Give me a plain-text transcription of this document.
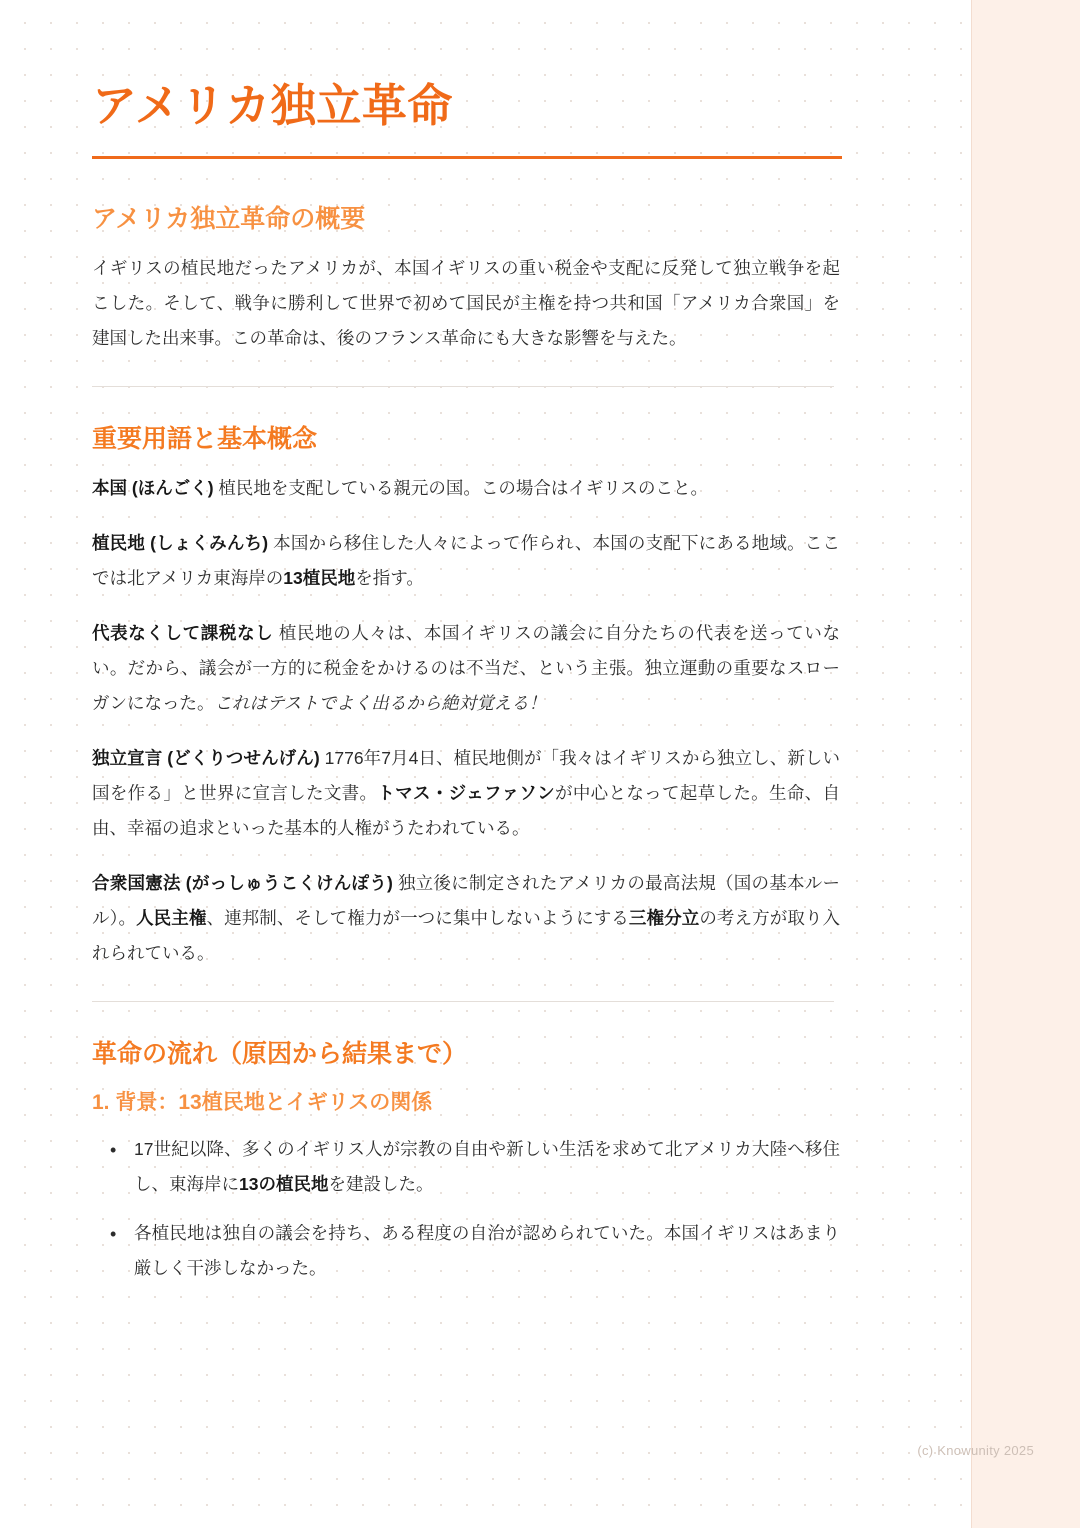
アメリカ独立革命
アメリカ独立革命の概要

イギリスの植民地だったアメリカが、本国イギリスの重い税金や支配に反発して独立戦争を起こした。そして、戦争に勝利して世界で初めて国民が主権を持つ共和国「アメリカ合衆国」を建国した出来事。この革命は、後のフランス革命にも大きな影響を与えた。

重要用語と基本概念

本国 (ほんごく) 植民地を支配している親元の国。この場合はイギリスのこと。

植民地 (しょくみんち) 本国から移住した人々によって作られ、本国の支配下にある地域。ここでは北アメリカ東海岸の13植民地を指す。

代表なくして課税なし 植民地の人々は、本国イギリスの議会に自分たちの代表を送っていない。だから、議会が一方的に税金をかけるのは不当だ、という主張。独立運動の重要なスローガンになった。これはテストでよく出るから絶対覚える！

独立宣言 (どくりつせんげん) 1776年7月4日、植民地側が「我々はイギリスから独立し、新しい国を作る」と世界に宣言した文書。トマス・ジェファソンが中心となって起草した。生命、自由、幸福の追求といった基本的人権がうたわれている。

合衆国憲法 (がっしゅうこくけんぽう) 独立後に制定されたアメリカの最高法規（国の基本ルール）。人民主権、連邦制、そして権力が一つに集中しないようにする三権分立の考え方が取り入れられている。

革命の流れ（原因から結果まで）
1. 背景：13植民地とイギリスの関係
• 17世紀以降、多くのイギリス人が宗教の自由や新しい生活を求めて北アメリカ大陸へ移住し、東海岸に13の植民地を建設した。
• 各植民地は独自の議会を持ち、ある程度の自治が認められていた。本国イギリスはあまり厳しく干渉しなかった。
(c) Knowunity 2025
